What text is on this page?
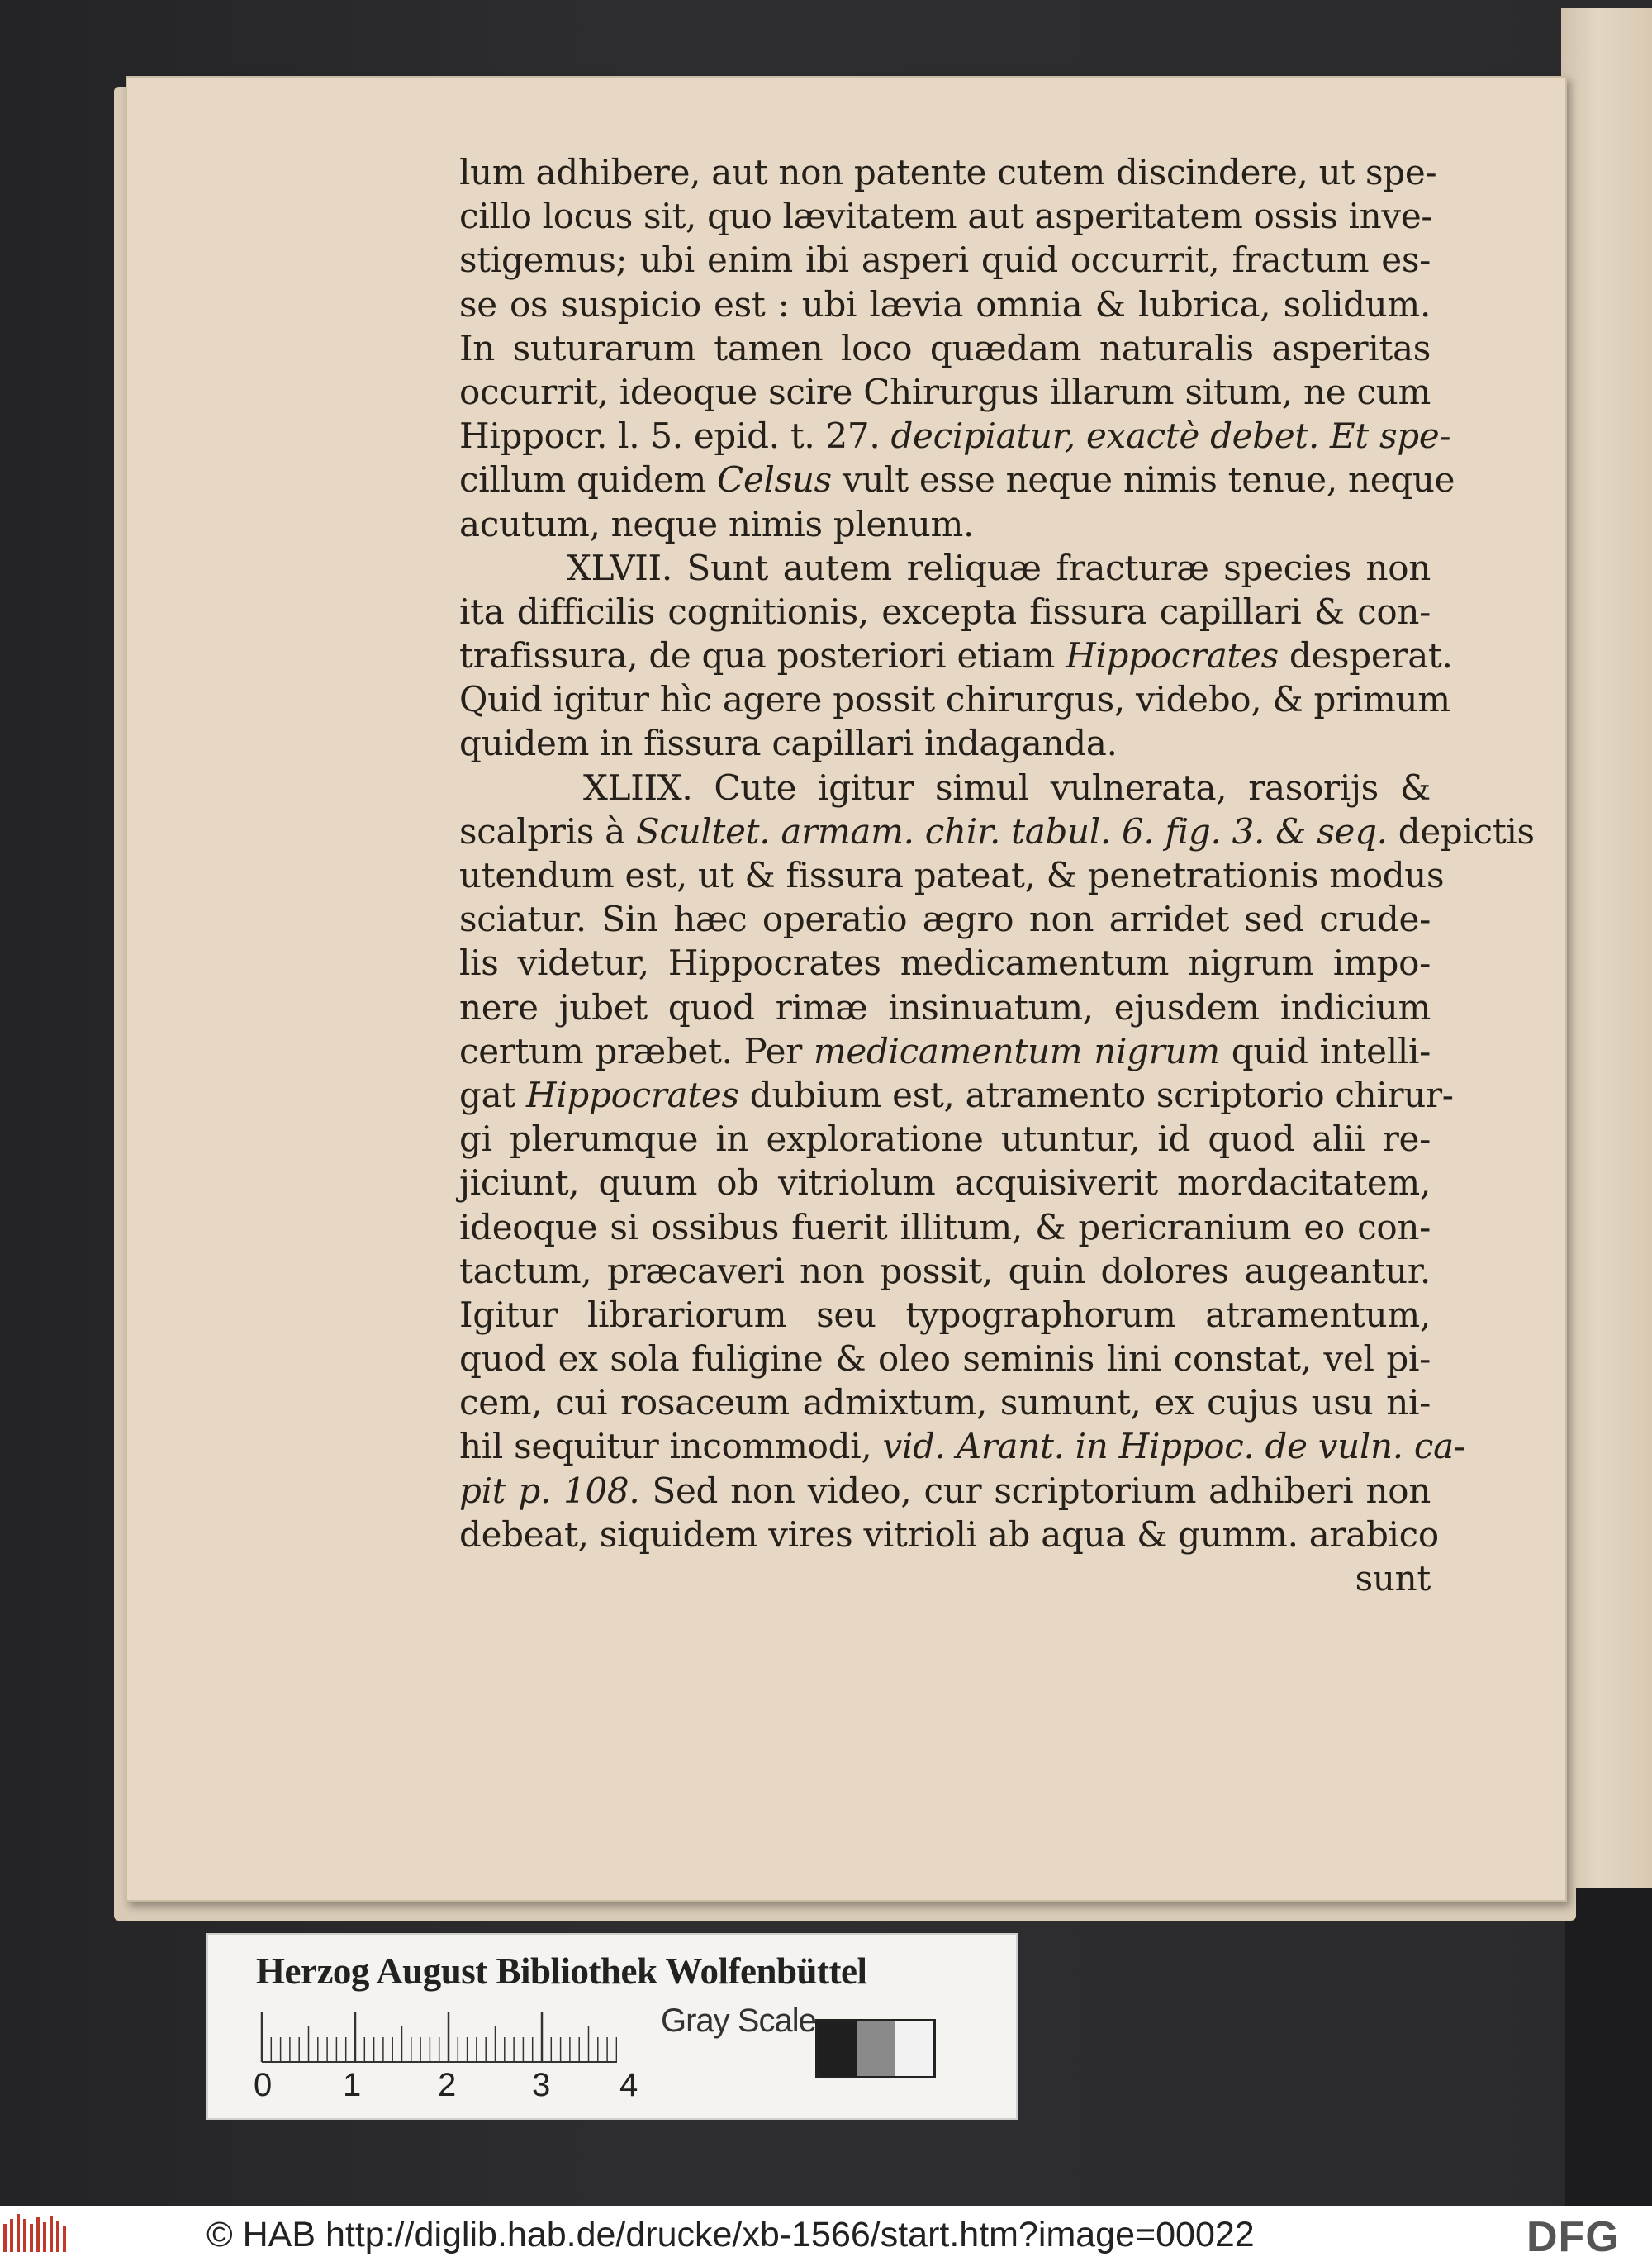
lum adhibere, aut non patente cutem discindere, ut spe-
cillo locus sit, quo lævitatem aut asperitatem ossis inve-
stigemus; ubi enim ibi asperi quid occurrit, fractum es-
se os suspicio est : ubi lævia omnia & lubrica, solidum.
In suturarum tamen loco quædam naturalis asperitas
occurrit, ideoque scire Chirurgus illarum situm, ne cum
Hippocr. l. 5. epid. t. 27. decipiatur, exactè debet. Et spe-
cillum quidem Celsus vult esse neque nimis tenue, neque
acutum, neque nimis plenum.
XLVII. Sunt autem reliquæ fracturæ species non
ita difficilis cognitionis, excepta fissura capillari & con-
trafissura, de qua posteriori etiam Hippocrates desperat.
Quid igitur hìc agere possit chirurgus, videbo, & primum
quidem in fissura capillari indaganda.
XLIIX. Cute igitur simul vulnerata, rasorijs &
scalpris à Scultet. armam. chir. tabul. 6. fig. 3. & seq. depictis
utendum est, ut & fissura pateat, & penetrationis modus
sciatur. Sin hæc operatio ægro non arridet sed crude-
lis videtur, Hippocrates medicamentum nigrum impo-
nere jubet quod rimæ insinuatum, ejusdem indicium
certum præbet. Per medicamentum nigrum quid intelli-
gat Hippocrates dubium est, atramento scriptorio chirur-
gi plerumque in exploratione utuntur, id quod alii re-
jiciunt, quum ob vitriolum acquisiverit mordacitatem,
ideoque si ossibus fuerit illitum, & pericranium eo con-
tactum, præcaveri non possit, quin dolores augeantur.
Igitur librariorum seu typographorum atramentum,
quod ex sola fuligine & oleo seminis lini constat, vel pi-
cem, cui rosaceum admixtum, sumunt, ex cujus usu ni-
hil sequitur incommodi, vid. Arant. in Hippoc. de vuln. ca-
pit p. 108. Sed non video, cur scriptorium adhiberi non
debeat, siquidem vires vitrioli ab aqua & gumm. arabico
sunt
Herzog August Bibliothek Wolfenbüttel
Gray Scale
0 1 2 3 4
© HAB http://diglib.hab.de/drucke/xb-1566/start.htm?image=00022	DFG
